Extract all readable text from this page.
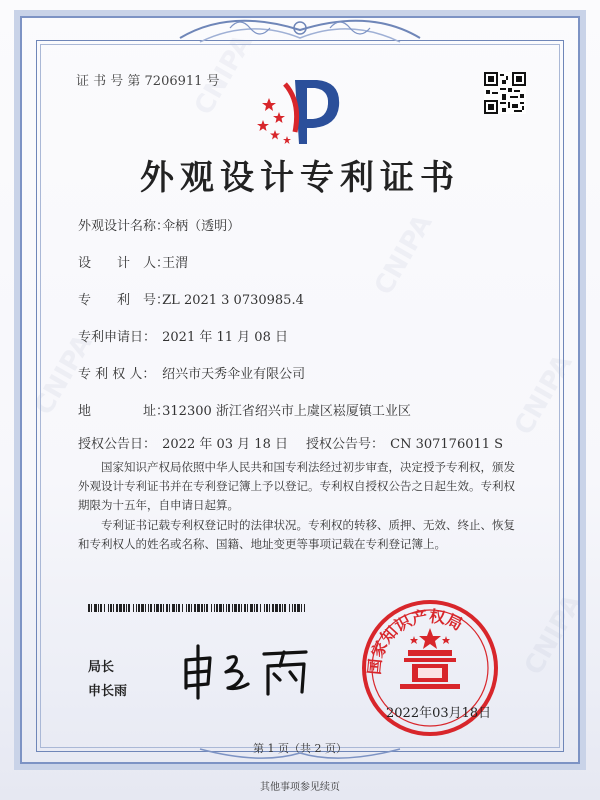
CNIPA
CNIPA
CNIPA	CNIPA
CNIPA
证 书 号 第 7206911 号
外观设计专利证书
外观设计名称： 伞柄（透明）
设　　计　人： 王渭
专　　利　号： ZL 2021 3 0730985.4
专利申请日： 2021 年 11 月 08 日
专 利 权 人： 绍兴市天秀伞业有限公司
地　　　　址： 312300 浙江省绍兴市上虞区崧厦镇工业区
授权公告日： 2022 年 03 月 18 日 授权公告号： CN 307176011 S
国家知识产权局依照中华人民共和国专利法经过初步审查，决定授予专利权，颁发外观设计专利证书并在专利登记簿上予以登记。专利权自授权公告之日起生效。专利权期限为十五年，自申请日起算。
专利证书记载专利权登记时的法律状况。专利权的转移、质押、无效、终止、恢复和专利权人的姓名或名称、国籍、地址变更等事项记载在专利登记簿上。
局长
申长雨
国家知识产权局
2022年03月18日
第 1 页（共 2 页）
其他事项参见续页
